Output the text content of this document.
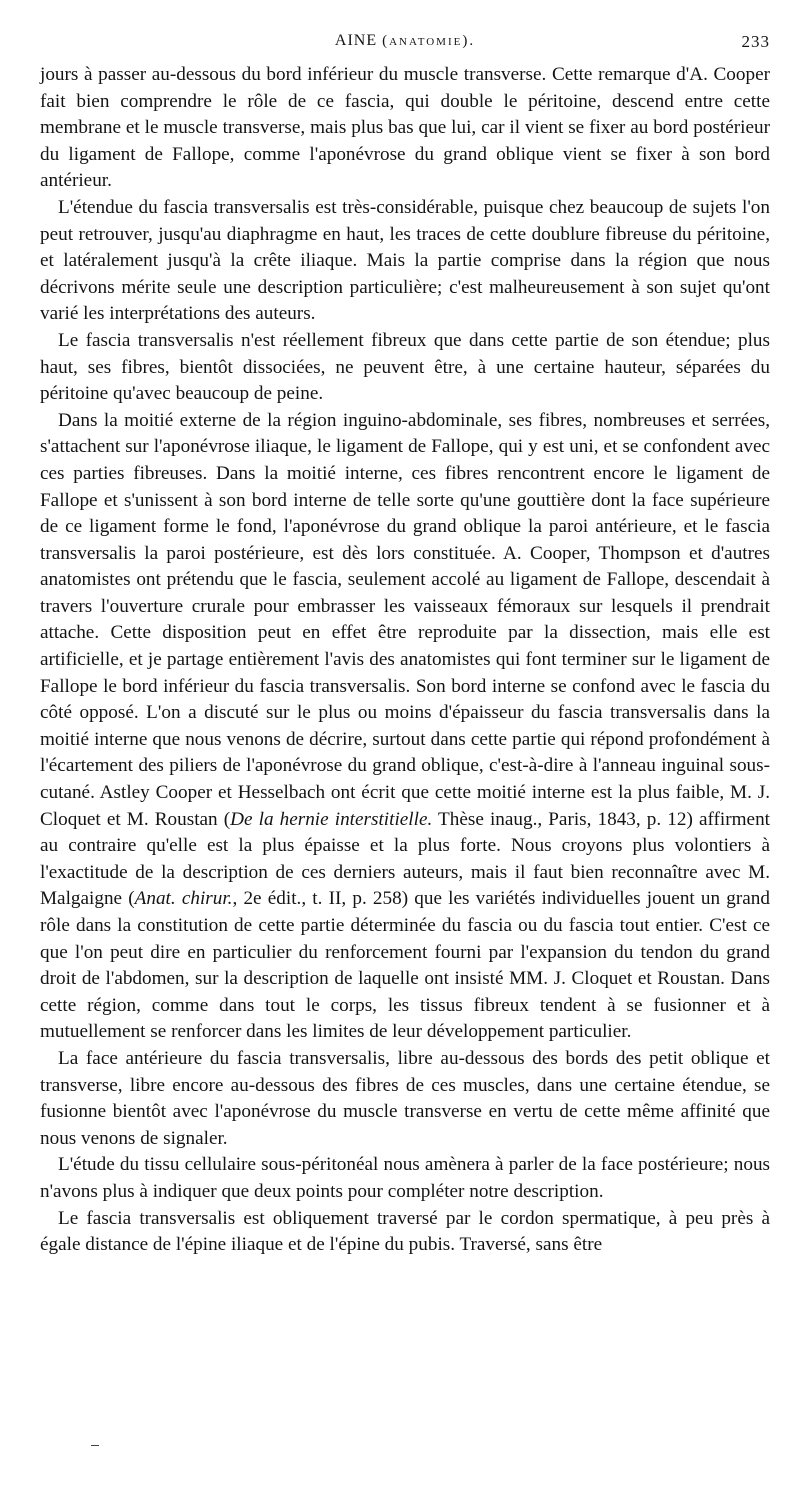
AINE (anatomie).	233

jours à passer au-dessous du bord inférieur du muscle transverse. Cette remarque d'A. Cooper fait bien comprendre le rôle de ce fascia, qui double le péritoine, descend entre cette membrane et le muscle transverse, mais plus bas que lui, car il vient se fixer au bord postérieur du ligament de Fallope, comme l'aponévrose du grand oblique vient se fixer à son bord antérieur.

L'étendue du fascia transversalis est très-considérable, puisque chez beaucoup de sujets l'on peut retrouver, jusqu'au diaphragme en haut, les traces de cette doublure fibreuse du péritoine, et latéralement jusqu'à la crête iliaque. Mais la partie comprise dans la région que nous décrivons mérite seule une description particulière; c'est malheureusement à son sujet qu'ont varié les interprétations des auteurs.

Le fascia transversalis n'est réellement fibreux que dans cette partie de son étendue; plus haut, ses fibres, bientôt dissociées, ne peuvent être, à une certaine hauteur, séparées du péritoine qu'avec beaucoup de peine.

Dans la moitié externe de la région inguino-abdominale, ses fibres, nombreuses et serrées, s'attachent sur l'aponévrose iliaque, le ligament de Fallope, qui y est uni, et se confondent avec ces parties fibreuses. Dans la moitié interne, ces fibres rencontrent encore le ligament de Fallope et s'unissent à son bord interne de telle sorte qu'une gouttière dont la face supérieure de ce ligament forme le fond, l'aponévrose du grand oblique la paroi antérieure, et le fascia transversalis la paroi postérieure, est dès lors constituée. A. Cooper, Thompson et d'autres anatomistes ont prétendu que le fascia, seulement accolé au ligament de Fallope, descendait à travers l'ouverture crurale pour embrasser les vaisseaux fémoraux sur lesquels il prendrait attache. Cette disposition peut en effet être reproduite par la dissection, mais elle est artificielle, et je partage entièrement l'avis des anatomistes qui font terminer sur le ligament de Fallope le bord inférieur du fascia transversalis. Son bord interne se confond avec le fascia du côté opposé. L'on a discuté sur le plus ou moins d'épaisseur du fascia transversalis dans la moitié interne que nous venons de décrire, surtout dans cette partie qui répond profondément à l'écartement des piliers de l'aponévrose du grand oblique, c'est-à-dire à l'anneau inguinal sous-cutané. Astley Cooper et Hesselbach ont écrit que cette moitié interne est la plus faible, M. J. Cloquet et M. Roustan (De la hernie interstitielle. Thèse inaug., Paris, 1843, p. 12) affirment au contraire qu'elle est la plus épaisse et la plus forte. Nous croyons plus volontiers à l'exactitude de la description de ces derniers auteurs, mais il faut bien reconnaître avec M. Malgaigne (Anat. chirur., 2e édit., t. II, p. 258) que les variétés individuelles jouent un grand rôle dans la constitution de cette partie déterminée du fascia ou du fascia tout entier. C'est ce que l'on peut dire en particulier du renforcement fourni par l'expansion du tendon du grand droit de l'abdomen, sur la description de laquelle ont insisté MM. J. Cloquet et Roustan. Dans cette région, comme dans tout le corps, les tissus fibreux tendent à se fusionner et à mutuellement se renforcer dans les limites de leur développement particulier.

La face antérieure du fascia transversalis, libre au-dessous des bords des petit oblique et transverse, libre encore au-dessous des fibres de ces muscles, dans une certaine étendue, se fusionne bientôt avec l'aponévrose du muscle transverse en vertu de cette même affinité que nous venons de signaler.

L'étude du tissu cellulaire sous-péritonéal nous amènera à parler de la face postérieure; nous n'avons plus à indiquer que deux points pour compléter notre description.

Le fascia transversalis est obliquement traversé par le cordon spermatique, à peu près à égale distance de l'épine iliaque et de l'épine du pubis. Traversé, sans être
